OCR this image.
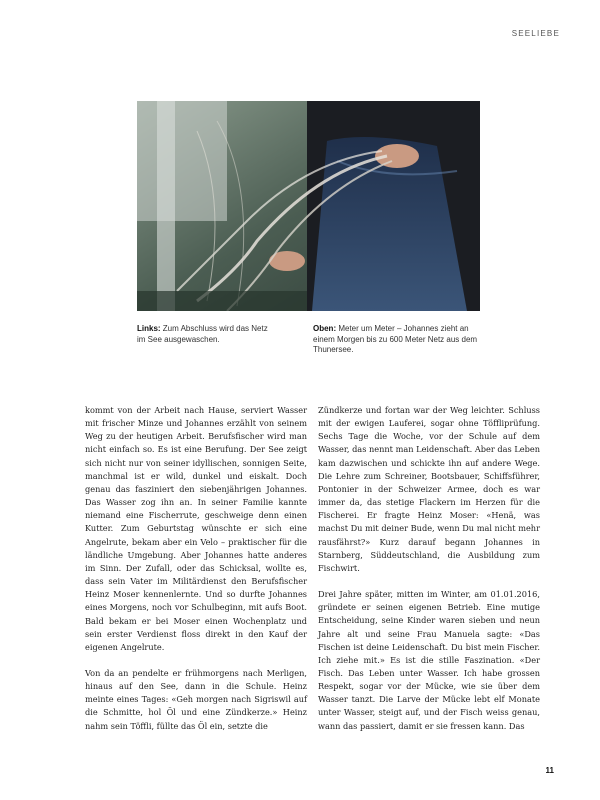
SEELIEBE
Links: Zum Abschluss wird das Netz im See ausgewaschen.
Oben: Meter um Meter – Johannes zieht an einem Morgen bis zu 600 Meter Netz aus dem Thunersee.

kommt von der Arbeit nach Hause, serviert Wasser mit frischer Minze und Johannes erzählt von seinem Weg zu der heutigen Arbeit. Berufsfischer wird man nicht einfach so. Es ist eine Berufung. Der See zeigt sich nicht nur von seiner idyllischen, sonnigen Seite, manchmal ist er wild, dunkel und eiskalt. Doch genau das fasziniert den siebenjährigen Johannes. Das Wasser zog ihn an. In seiner Familie kannte niemand eine Fischerrute, geschweige denn einen Kutter. Zum Geburtstag wünschte er sich eine Angelrute, bekam aber ein Velo – praktischer für die ländliche Umgebung. Aber Johannes hatte anderes im Sinn. Der Zufall, oder das Schicksal, wollte es, dass sein Vater im Militärdienst den Berufsfischer Heinz Moser kennenlernte. Und so durfte Johannes eines Morgens, noch vor Schulbeginn, mit aufs Boot. Bald bekam er bei Moser einen Wochenplatz und sein erster Verdienst floss direkt in den Kauf der eigenen Angelrute.

Von da an pendelte er frühmorgens nach Merligen, hinaus auf den See, dann in die Schule. Heinz meinte eines Tages: «Geh morgen nach Sigriswil auf die Schmitte, hol Öl und eine Zündkerze.» Heinz nahm sein Töffli, füllte das Öl ein, setzte die

Zündkerze und fortan war der Weg leichter. Schluss mit der ewigen Lauferei, sogar ohne Töffliprüfung. Sechs Tage die Woche, vor der Schule auf dem Wasser, das nennt man Leidenschaft. Aber das Leben kam dazwischen und schickte ihn auf andere Wege. Die Lehre zum Schreiner, Bootsbauer, Schiffsführer, Pontonier in der Schweizer Armee, doch es war immer da, das stetige Flackern im Herzen für die Fischerei. Er fragte Heinz Moser: «Henä, was machst Du mit deiner Bude, wenn Du mal nicht mehr rausfährst?» Kurz darauf begann Johannes in Starnberg, Süddeutschland, die Ausbildung zum Fischwirt.

Drei Jahre später, mitten im Winter, am 01.01.2016, gründete er seinen eigenen Betrieb. Eine mutige Entscheidung, seine Kinder waren sieben und neun Jahre alt und seine Frau Manuela sagte: «Das Fischen ist deine Leidenschaft. Du bist mein Fischer. Ich ziehe mit.» Es ist die stille Faszination. «Der Fisch. Das Leben unter Wasser. Ich habe grossen Respekt, sogar vor der Mücke, wie sie über dem Wasser tanzt. Die Larve der Mücke lebt elf Monate unter Wasser, steigt auf, und der Fisch weiss genau, wann das passiert, damit er sie fressen kann. Das

11
